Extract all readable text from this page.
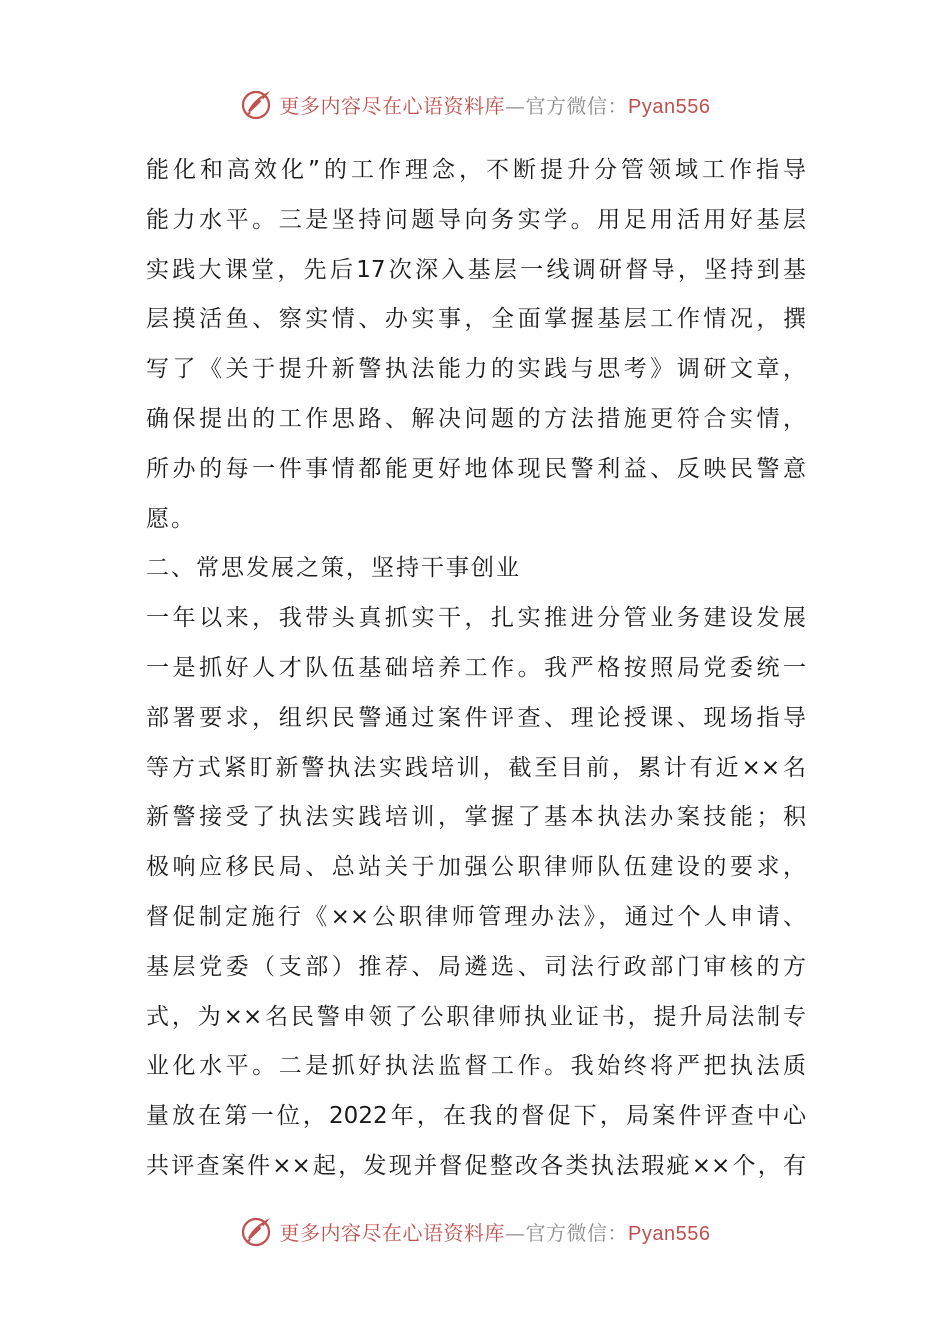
更多内容尽在心语资料库—官方微信：Pyan556
能化和高效化”的工作理念，不断提升分管领域工作指导
能力水平。三是坚持问题导向务实学。用足用活用好基层
实践大课堂，先后17次深入基层一线调研督导，坚持到基
层摸活鱼、察实情、办实事，全面掌握基层工作情况，撰
写了《关于提升新警执法能力的实践与思考》调研文章，
确保提出的工作思路、解决问题的方法措施更符合实情，
所办的每一件事情都能更好地体现民警利益、反映民警意
愿。
二、常思发展之策，坚持干事创业
一年以来，我带头真抓实干，扎实推进分管业务建设发展
一是抓好人才队伍基础培养工作。我严格按照局党委统一
部署要求，组织民警通过案件评查、理论授课、现场指导
等方式紧盯新警执法实践培训，截至目前，累计有近××名
新警接受了执法实践培训，掌握了基本执法办案技能；积
极响应移民局、总站关于加强公职律师队伍建设的要求，
督促制定施行《××公职律师管理办法》，通过个人申请、
基层党委（支部）推荐、局遴选、司法行政部门审核的方
式，为××名民警申领了公职律师执业证书，提升局法制专
业化水平。二是抓好执法监督工作。我始终将严把执法质
量放在第一位，2022年，在我的督促下，局案件评查中心
共评查案件××起，发现并督促整改各类执法瑕疵××个，有
更多内容尽在心语资料库—官方微信：Pyan556
